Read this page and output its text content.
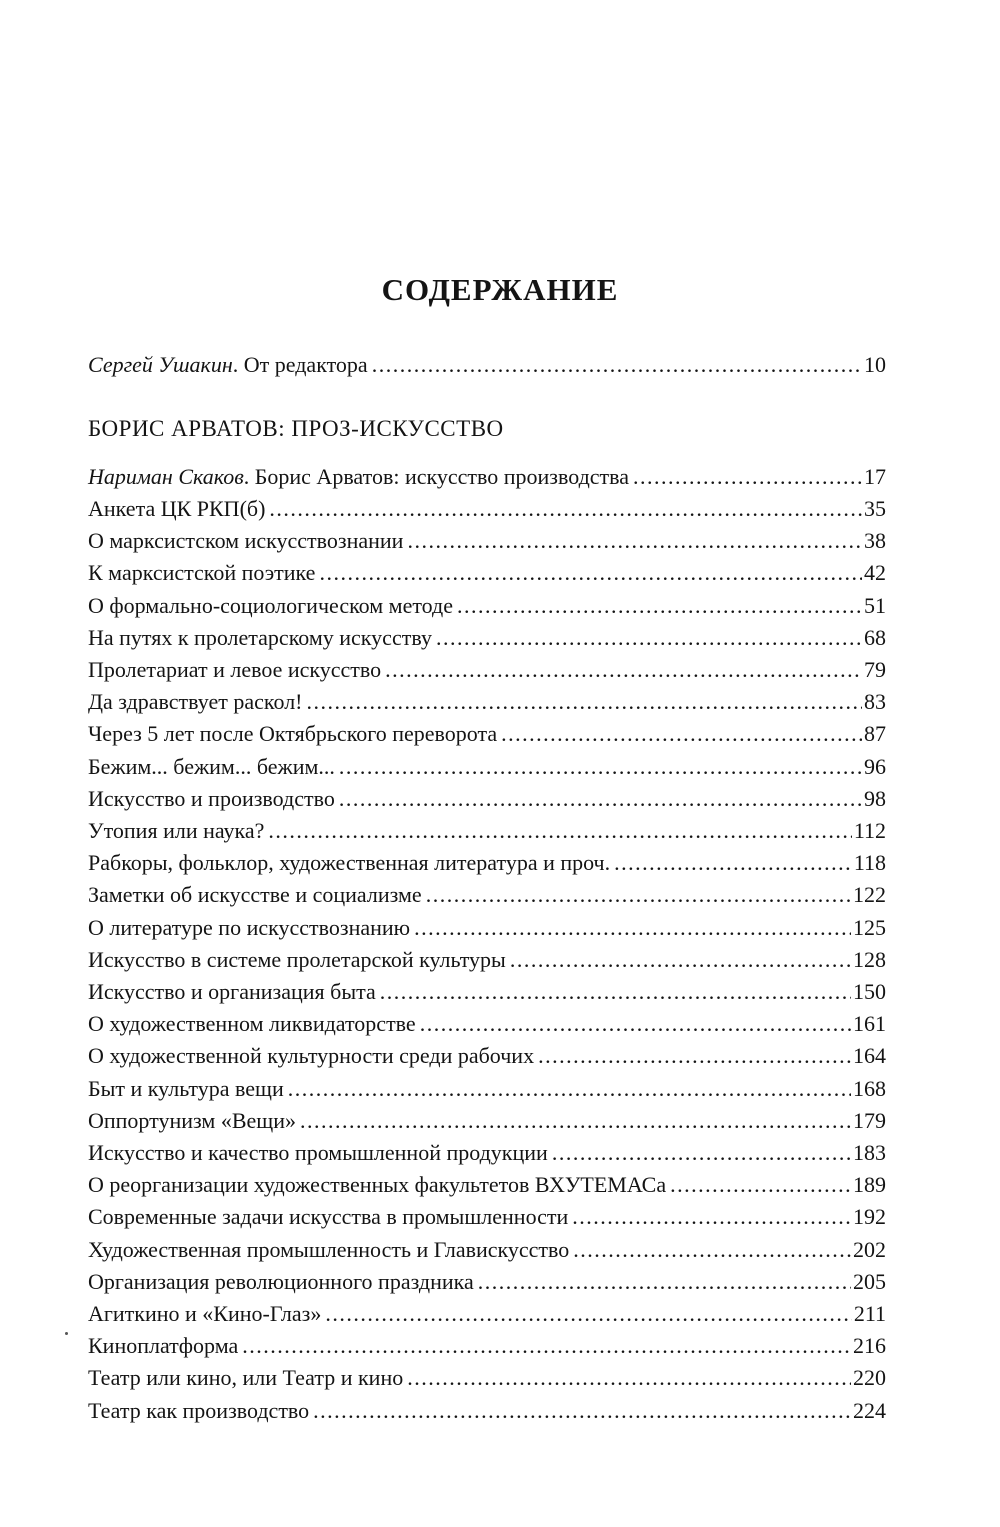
СОДЕРЖАНИЕ
Сергей Ушакин. От редактора .....	10
БОРИС АРВАТОВ: ПРОЗ-ИСКУССТВО
Нариман Скаков. Борис Арватов: искусство производства .....	17
Анкета ЦК РКП(б) .....	35
О марксистском искусствознании .....	38
К марксистской поэтике .....	42
О формально-социологическом методе .....	51
На путях к пролетарскому искусству .....	68
Пролетариат и левое искусство .....	79
Да здравствует раскол! .....	83
Через 5 лет после Октябрьского переворота .....	87
Бежим... бежим... бежим... .....	96
Искусство и производство .....	98
Утопия или наука? .....	112
Рабкоры, фольклор, художественная литература и проч. .....	118
Заметки об искусстве и социализме .....	122
О литературе по искусствознанию .....	125
Искусство в системе пролетарской культуры .....	128
Искусство и организация быта .....	150
О художественном ликвидаторстве .....	161
О художественной культурности среди рабочих .....	164
Быт и культура вещи .....	168
Оппортунизм «Вещи» .....	179
Искусство и качество промышленной продукции .....	183
О реорганизации художественных факультетов ВХУТЕМАСа .....	189
Современные задачи искусства в промышленности .....	192
Художественная промышленность и Главискусство .....	202
Организация революционного праздника .....	205
Агиткино и «Кино-Глаз» .....	211
Киноплатформа .....	216
Театр или кино, или Театр и кино .....	220
Театр как производство .....	224
